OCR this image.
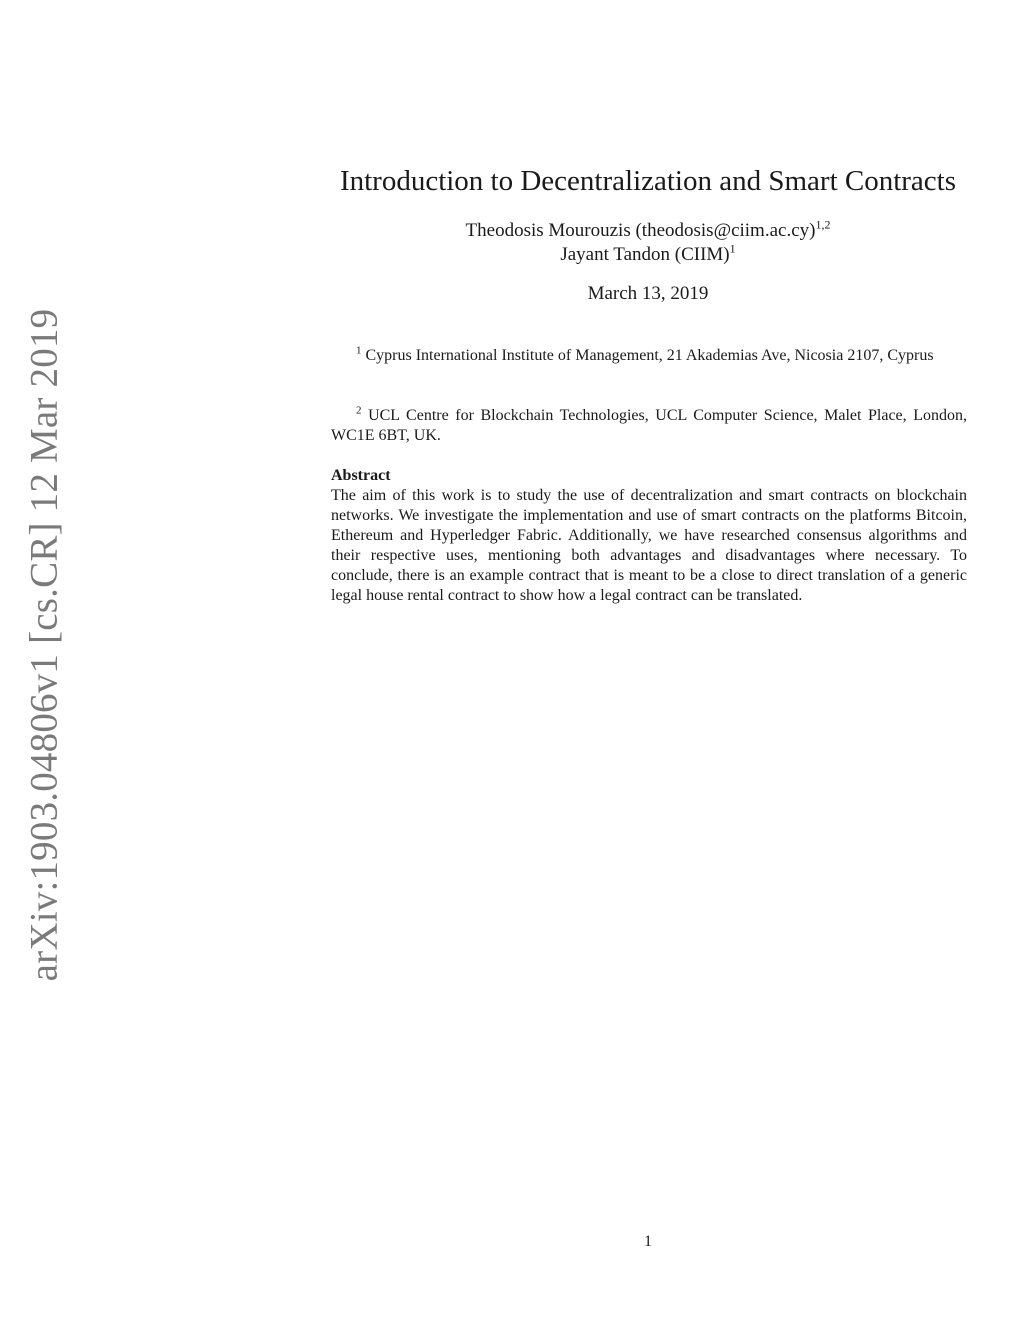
arXiv:1903.04806v1 [cs.CR] 12 Mar 2019
Introduction to Decentralization and Smart Contracts
Theodosis Mourouzis (theodosis@ciim.ac.cy)$^{1,2}$
Jayant Tandon (CIIM)$^1$
March 13, 2019
$^1$ Cyprus International Institute of Management, 21 Akademias Ave, Nicosia 2107, Cyprus
$^2$ UCL Centre for Blockchain Technologies, UCL Computer Science, Malet Place, London, WC1E 6BT, UK.
Abstract
The aim of this work is to study the use of decentralization and smart contracts on blockchain networks. We investigate the implementation and use of smart contracts on the platforms Bitcoin, Ethereum and Hyperledger Fabric. Additionally, we have researched consensus algorithms and their respective uses, mentioning both advantages and disadvantages where necessary. To conclude, there is an example contract that is meant to be a close to direct translation of a generic legal house rental contract to show how a legal contract can be translated.
1
